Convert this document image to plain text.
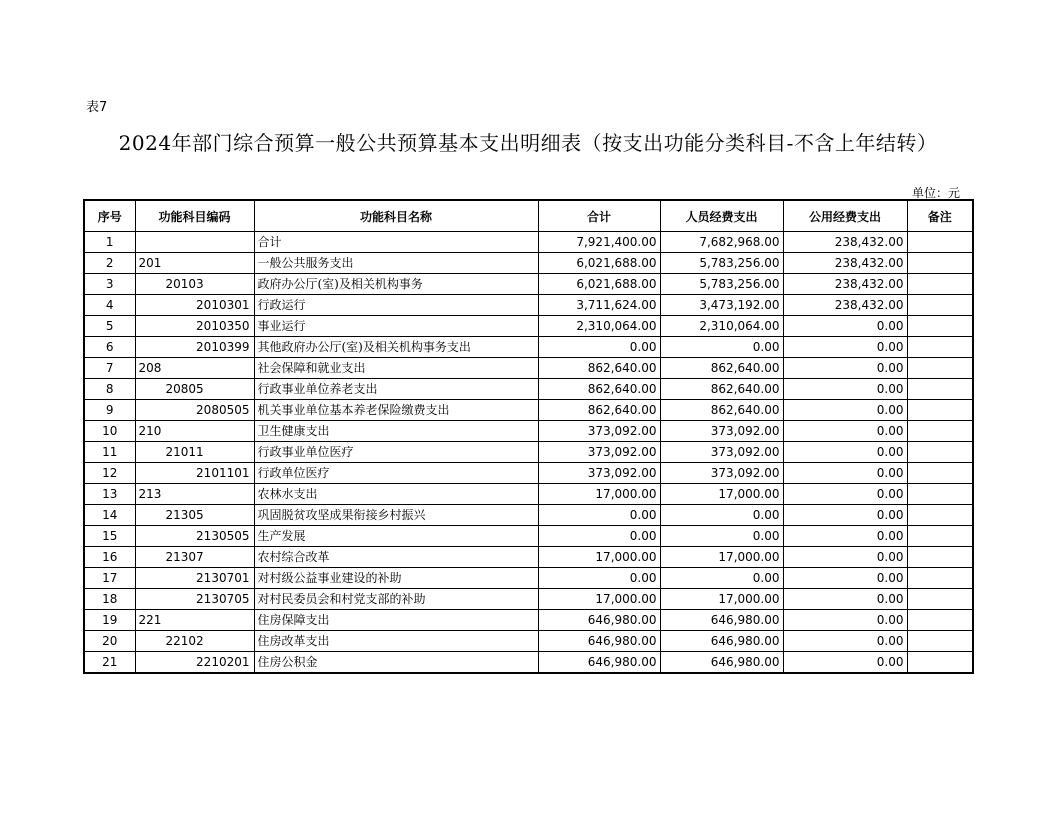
表7
2024年部门综合预算一般公共预算基本支出明细表（按支出功能分类科目-不含上年结转）
单位：元
序号	功能科目编码	功能科目名称	合计	人员经费支出	公用经费支出	备注
1		合计	7,921,400.00	7,682,968.00	238,432.00	
2	201	一般公共服务支出	6,021,688.00	5,783,256.00	238,432.00	
3	20103	政府办公厅(室)及相关机构事务	6,021,688.00	5,783,256.00	238,432.00	
4	2010301	行政运行	3,711,624.00	3,473,192.00	238,432.00	
5	2010350	事业运行	2,310,064.00	2,310,064.00	0.00	
6	2010399	其他政府办公厅(室)及相关机构事务支出	0.00	0.00	0.00	
7	208	社会保障和就业支出	862,640.00	862,640.00	0.00	
8	20805	行政事业单位养老支出	862,640.00	862,640.00	0.00	
9	2080505	机关事业单位基本养老保险缴费支出	862,640.00	862,640.00	0.00	
10	210	卫生健康支出	373,092.00	373,092.00	0.00	
11	21011	行政事业单位医疗	373,092.00	373,092.00	0.00	
12	2101101	行政单位医疗	373,092.00	373,092.00	0.00	
13	213	农林水支出	17,000.00	17,000.00	0.00	
14	21305	巩固脱贫攻坚成果衔接乡村振兴	0.00	0.00	0.00	
15	2130505	生产发展	0.00	0.00	0.00	
16	21307	农村综合改革	17,000.00	17,000.00	0.00	
17	2130701	对村级公益事业建设的补助	0.00	0.00	0.00	
18	2130705	对村民委员会和村党支部的补助	17,000.00	17,000.00	0.00	
19	221	住房保障支出	646,980.00	646,980.00	0.00	
20	22102	住房改革支出	646,980.00	646,980.00	0.00	
21	2210201	住房公积金	646,980.00	646,980.00	0.00	
